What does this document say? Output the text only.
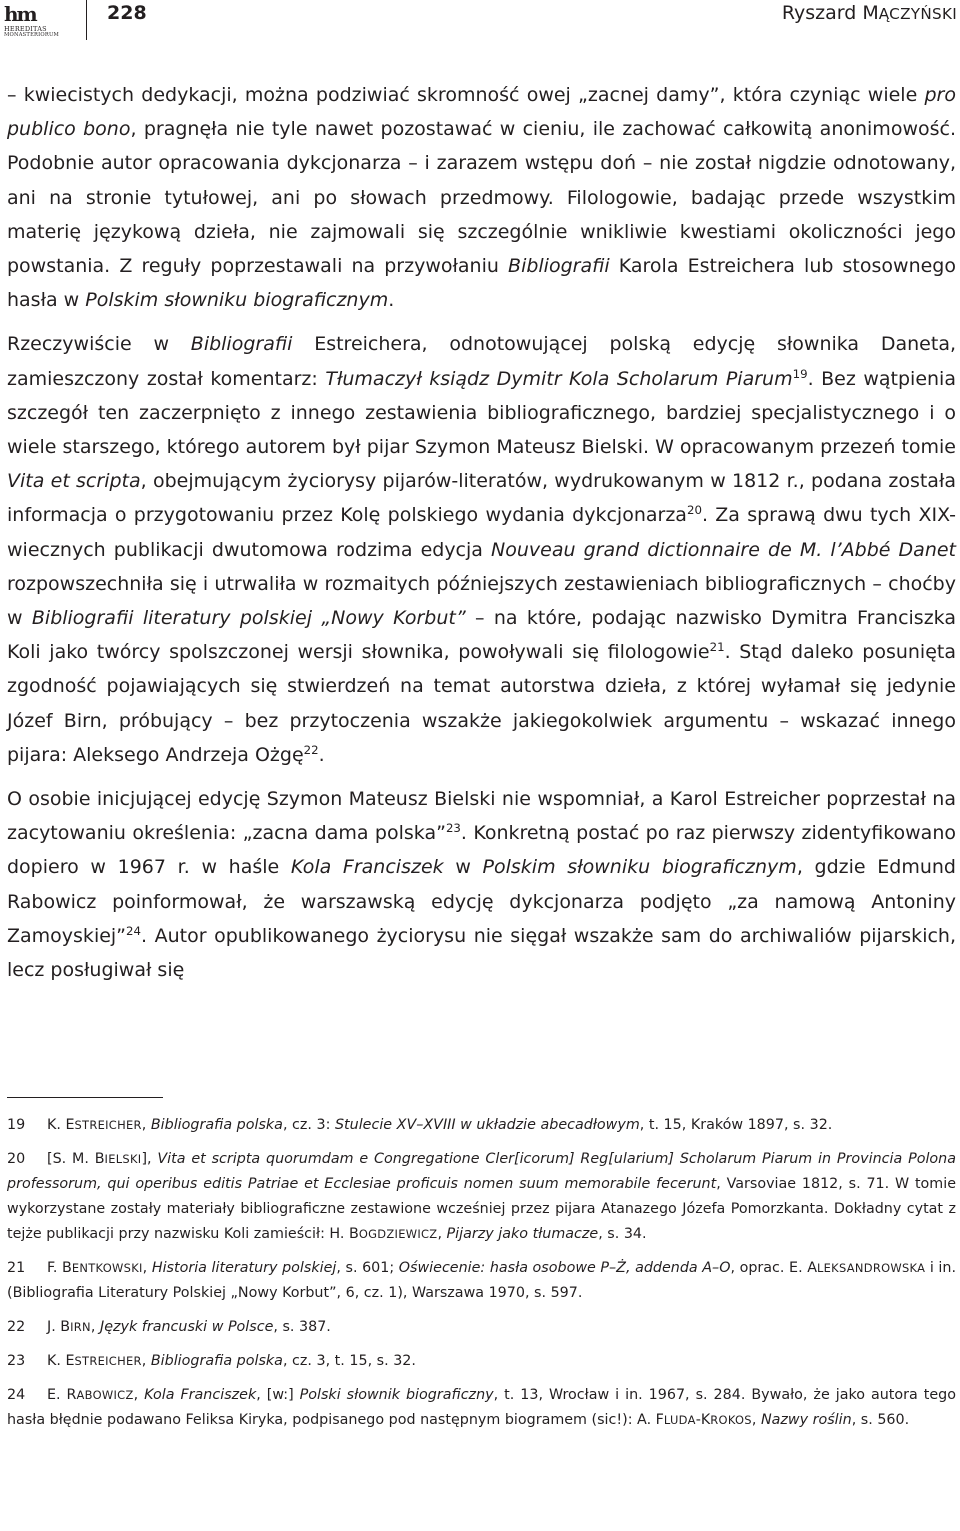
hm
HEREDITAS
MONASTERIORUM
228	Ryszard MĄCZYŃSKI

– kwiecistych dedykacji, można podziwiać skromność owej „zacnej damy”, która czyniąc wiele pro publico bono, pragnęła nie tyle nawet pozostawać w cieniu, ile zachować całkowitą anonimowość. Podobnie autor opracowania dykcjonarza – i zarazem wstępu doń – nie został nigdzie odnotowany, ani na stronie tytułowej, ani po słowach przedmowy. Filologowie, badając przede wszystkim materię językową dzieła, nie zajmowali się szczególnie wnikliwie kwestiami okoliczności jego powstania. Z reguły poprzestawali na przywołaniu Bibliografii Karola Estreichera lub stosownego hasła w Polskim słowniku biograficznym.

Rzeczywiście w Bibliografii Estreichera, odnotowującej polską edycję słownika Daneta, zamieszczony został komentarz: Tłumaczył ksiądz Dymitr Kola Scholarum Piarum$^{19}$. Bez wątpienia szczegół ten zaczerpnięto z innego zestawienia bibliograficznego, bardziej specjalistycznego i o wiele starszego, którego autorem był pijar Szymon Mateusz Bielski. W opracowanym przezeń tomie Vita et scripta, obejmującym życiorysy pijarów-literatów, wydrukowanym w 1812 r., podana została informacja o przygotowaniu przez Kolę polskiego wydania dykcjonarza$^{20}$. Za sprawą dwu tych XIX-wiecznych publikacji dwutomowa rodzima edycja Nouveau grand dictionnaire de M. l’Abbé Danet rozpowszechniła się i utrwaliła w rozmaitych późniejszych zestawieniach bibliograficznych – choćby w Bibliografii literatury polskiej „Nowy Korbut” – na które, podając nazwisko Dymitra Franciszka Koli jako twórcy spolszczonej wersji słownika, powoływali się filologowie$^{21}$. Stąd daleko posunięta zgodność pojawiających się stwierdzeń na temat autorstwa dzieła, z której wyłamał się jedynie Józef Birn, próbujący – bez przytoczenia wszakże jakiegokolwiek argumentu – wskazać innego pijara: Aleksego Andrzeja Ożgę$^{22}$.

O osobie inicjującej edycję Szymon Mateusz Bielski nie wspomniał, a Karol Estreicher poprzestał na zacytowaniu określenia: „zacna dama polska”$^{23}$. Konkretną postać po raz pierwszy zidentyfikowano dopiero w 1967 r. w haśle Kola Franciszek w Polskim słowniku biograficznym, gdzie Edmund Rabowicz poinformował, że warszawską edycję dykcjonarza podjęto „za namową Antoniny Zamoyskiej”$^{24}$. Autor opublikowanego życiorysu nie sięgał wszakże sam do archiwaliów pijarskich, lecz posługiwał się

19 K. ESTREICHER, Bibliografia polska, cz. 3: Stulecie XV–XVIII w układzie abecadłowym, t. 15, Kraków 1897, s. 32.

20 [S. M. BIELSKI], Vita et scripta quorumdam e Congregatione Cler[icorum] Reg[ularium] Scholarum Piarum in Provincia Polona professorum, qui operibus editis Patriae et Ecclesiae proficuis nomen suum memorabile fecerunt, Varsoviae 1812, s. 71. W tomie wykorzystane zostały materiały bibliograficzne zestawione wcześniej przez pijara Atanazego Józefa Pomorzkanta. Dokładny cytat z tejże publikacji przy nazwisku Koli zamieścił: H. BOGDZIEWICZ, Pijarzy jako tłumacze, s. 34.

21 F. BENTKOWSKI, Historia literatury polskiej, s. 601; Oświecenie: hasła osobowe P–Ż, addenda A–O, oprac. E. ALEKSANDROWSKA i in. (Bibliografia Literatury Polskiej „Nowy Korbut”, 6, cz. 1), Warszawa 1970, s. 597.

22 J. BIRN, Język francuski w Polsce, s. 387.

23 K. ESTREICHER, Bibliografia polska, cz. 3, t. 15, s. 32.

24 E. RABOWICZ, Kola Franciszek, [w:] Polski słownik biograficzny, t. 13, Wrocław i in. 1967, s. 284. Bywało, że jako autora tego hasła błędnie podawano Feliksa Kiryka, podpisanego pod następnym biogramem (sic!): A. FLUDA-KROKOS, Nazwy roślin, s. 560.
